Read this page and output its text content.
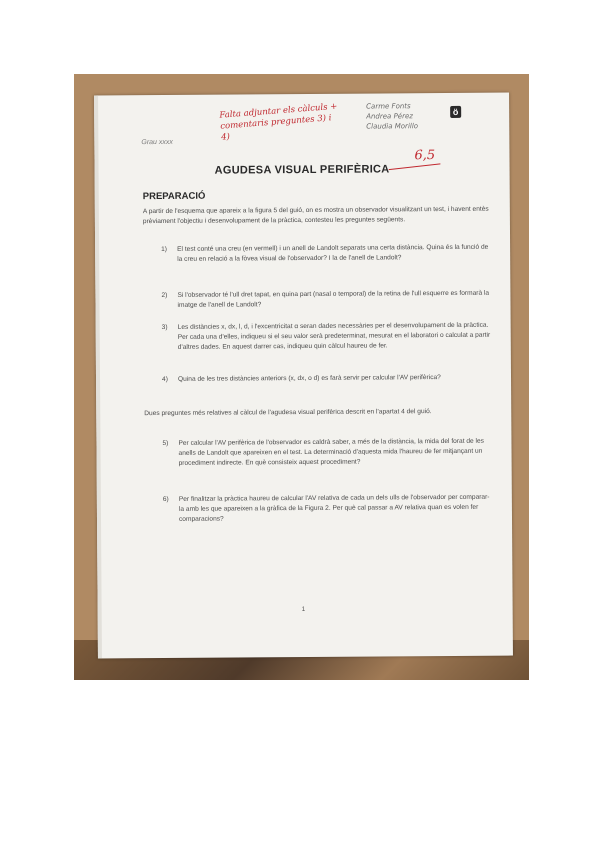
Grau xxxx
Falta adjuntar els càlculs + comentaris preguntes 3) i 4)
Carme Fonts
Andrea Pérez
Claudia Morillo
ö
AGUDESA VISUAL PERIFÈRICA
6,5
PREPARACIÓ
A partir de l'esquema que apareix a la figura 5 del guió, on es mostra un observador visualitzant un test, i havent entès prèviament l'objectiu i desenvolupament de la pràctica, contesteu les preguntes següents.
1) El test conté una creu (en vermell) i un anell de Landolt separats una certa distància. Quina és la funció de la creu en relació a la fòvea visual de l'observador? I la de l'anell de Landolt?
2) Si l'observador té l'ull dret tapat, en quina part (nasal o temporal) de la retina de l'ull esquerre es formarà la imatge de l'anell de Landolt?
3) Les distàncies x, dx, l, d, i l'excentricitat α seran dades necessàries per el desenvolupament de la pràctica. Per cada una d'elles, indiqueu si el seu valor serà predeterminat, mesurat en el laboratori o calculat a partir d'altres dades. En aquest darrer cas, indiqueu quin càlcul haureu de fer.
4) Quina de les tres distàncies anteriors (x, dx, o d) es farà servir per calcular l'AV perifèrica?
Dues preguntes més relatives al càlcul de l'agudesa visual perifèrica descrit en l'apartat 4 del guió.
5) Per calcular l'AV perifèrica de l'observador es caldrà saber, a més de la distància, la mida del forat de les anells de Landolt que apareixen en el test. La determinació d'aquesta mida l'haureu de fer mitjançant un procediment indirecte. En què consisteix aquest procediment?
6) Per finalitzar la pràctica haureu de calcular l'AV relativa de cada un dels ulls de l'observador per comparar-la amb les que apareixen a la gràfica de la Figura 2. Per què cal passar a AV relativa quan es volen fer comparacions?
1
